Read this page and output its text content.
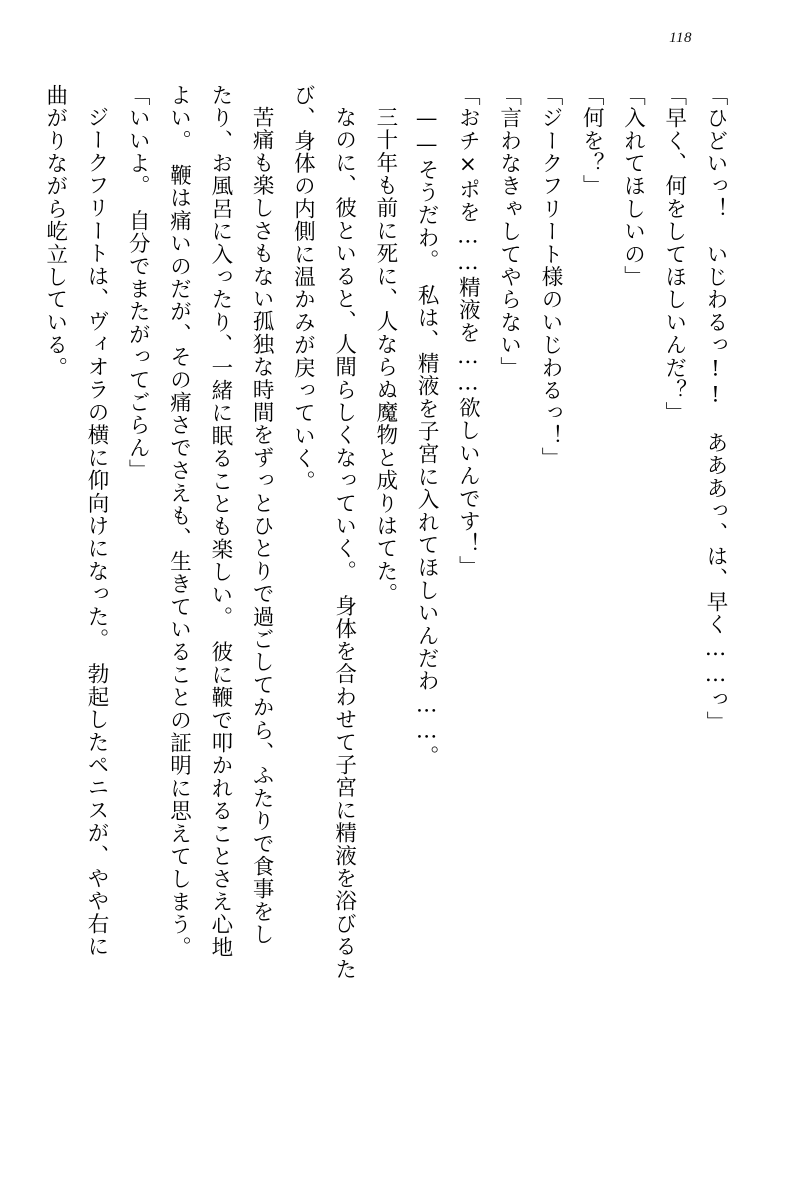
118

「ひどいっ！　いじわるっ!!　あああっ、は、早く……っ」

「早く、何をしてほしいんだ？」

「入れてほしいの」

「何を？」

「ジークフリート様のいじわるっ！」

「言わなきゃしてやらない」

「おチ×ポを……精液を……欲しいんです！」

——そうだわ。　私は、精液を子宮に入れてほしいんだわ……。

三十年も前に死に、人ならぬ魔物と成りはてた。

なのに、彼といると、人間らしくなっていく。　身体を合わせて子宮に精液を浴びるた

び、身体の内側に温かみが戻っていく。

苦痛も楽しさもない孤独な時間をずっとひとりで過ごしてから、ふたりで食事をし

たり、お風呂に入ったり、一緒に眠ることも楽しい。　彼に鞭で叩かれることさえ心地

よい。　鞭は痛いのだが、その痛さでさえも、生きていることの証明に思えてしまう。

「いいよ。　自分でまたがってごらん」

ジークフリートは、ヴィオラの横に仰向けになった。　勃起したペニスが、やや右に

曲がりながら屹立している。
